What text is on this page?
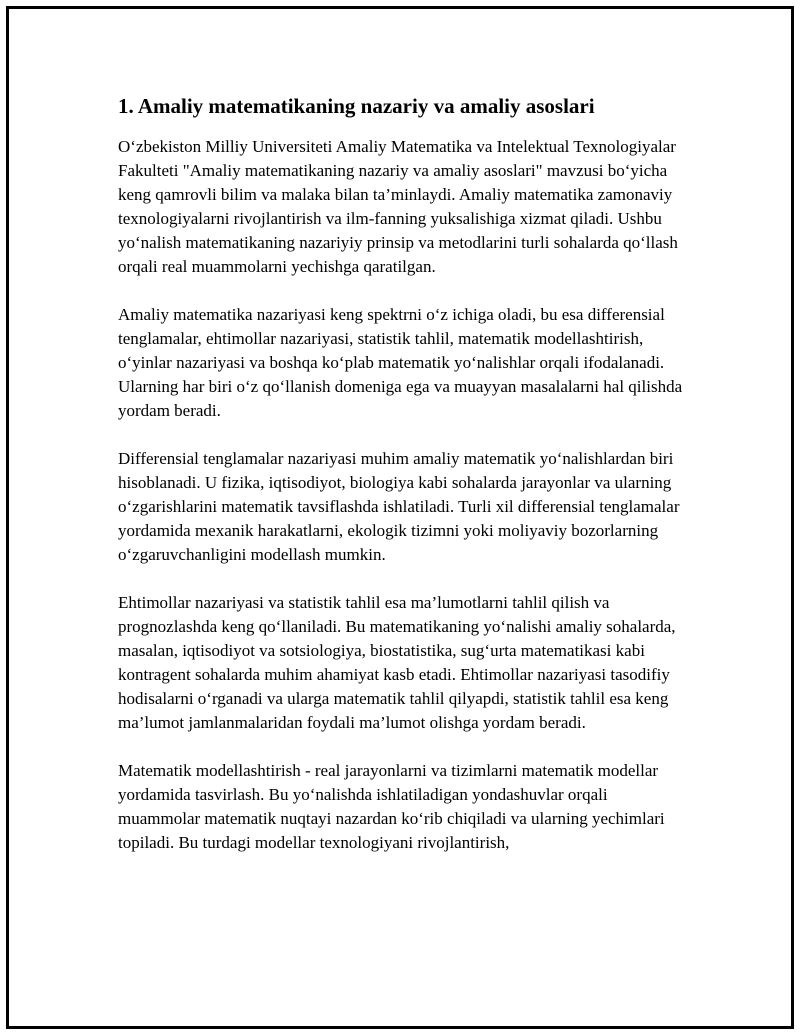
1. Amaliy matematikaning nazariy va amaliy asoslari

O‘zbekiston Milliy Universiteti Amaliy Matematika va Intelektual Texnologiyalar Fakulteti "Amaliy matematikaning nazariy va amaliy asoslari" mavzusi bo‘yicha keng qamrovli bilim va malaka bilan ta’minlaydi. Amaliy matematika zamonaviy texnologiyalarni rivojlantirish va ilm-fanning yuksalishiga xizmat qiladi. Ushbu yo‘nalish matematikaning nazariyiy prinsip va metodlarini turli sohalarda qo‘llash orqali real muammolarni yechishga qaratilgan.

Amaliy matematika nazariyasi keng spektrni o‘z ichiga oladi, bu esa differensial tenglamalar, ehtimollar nazariyasi, statistik tahlil, matematik modellashtirish, o‘yinlar nazariyasi va boshqa ko‘plab matematik yo‘nalishlar orqali ifodalanadi. Ularning har biri o‘z qo‘llanish domeniga ega va muayyan masalalarni hal qilishda yordam beradi.

Differensial tenglamalar nazariyasi muhim amaliy matematik yo‘nalishlardan biri hisoblanadi. U fizika, iqtisodiyot, biologiya kabi sohalarda jarayonlar va ularning o‘zgarishlarini matematik tavsiflashda ishlatiladi. Turli xil differensial tenglamalar yordamida mexanik harakatlarni, ekologik tizimni yoki moliyaviy bozorlarning o‘zgaruvchanligini modellash mumkin.

Ehtimollar nazariyasi va statistik tahlil esa ma’lumotlarni tahlil qilish va prognozlashda keng qo‘llaniladi. Bu matematikaning yo‘nalishi amaliy sohalarda, masalan, iqtisodiyot va sotsiologiya, biostatistika, sug‘urta matematikasi kabi kontragent sohalarda muhim ahamiyat kasb etadi. Ehtimollar nazariyasi tasodifiy hodisalarni o‘rganadi va ularga matematik tahlil qilyapdi, statistik tahlil esa keng ma’lumot jamlanmalaridan foydali ma’lumot olishga yordam beradi.

Matematik modellashtirish - real jarayonlarni va tizimlarni matematik modellar yordamida tasvirlash. Bu yo‘nalishda ishlatiladigan yondashuvlar orqali muammolar matematik nuqtayi nazardan ko‘rib chiqiladi va ularning yechimlari topiladi. Bu turdagi modellar texnologiyani rivojlantirish,
